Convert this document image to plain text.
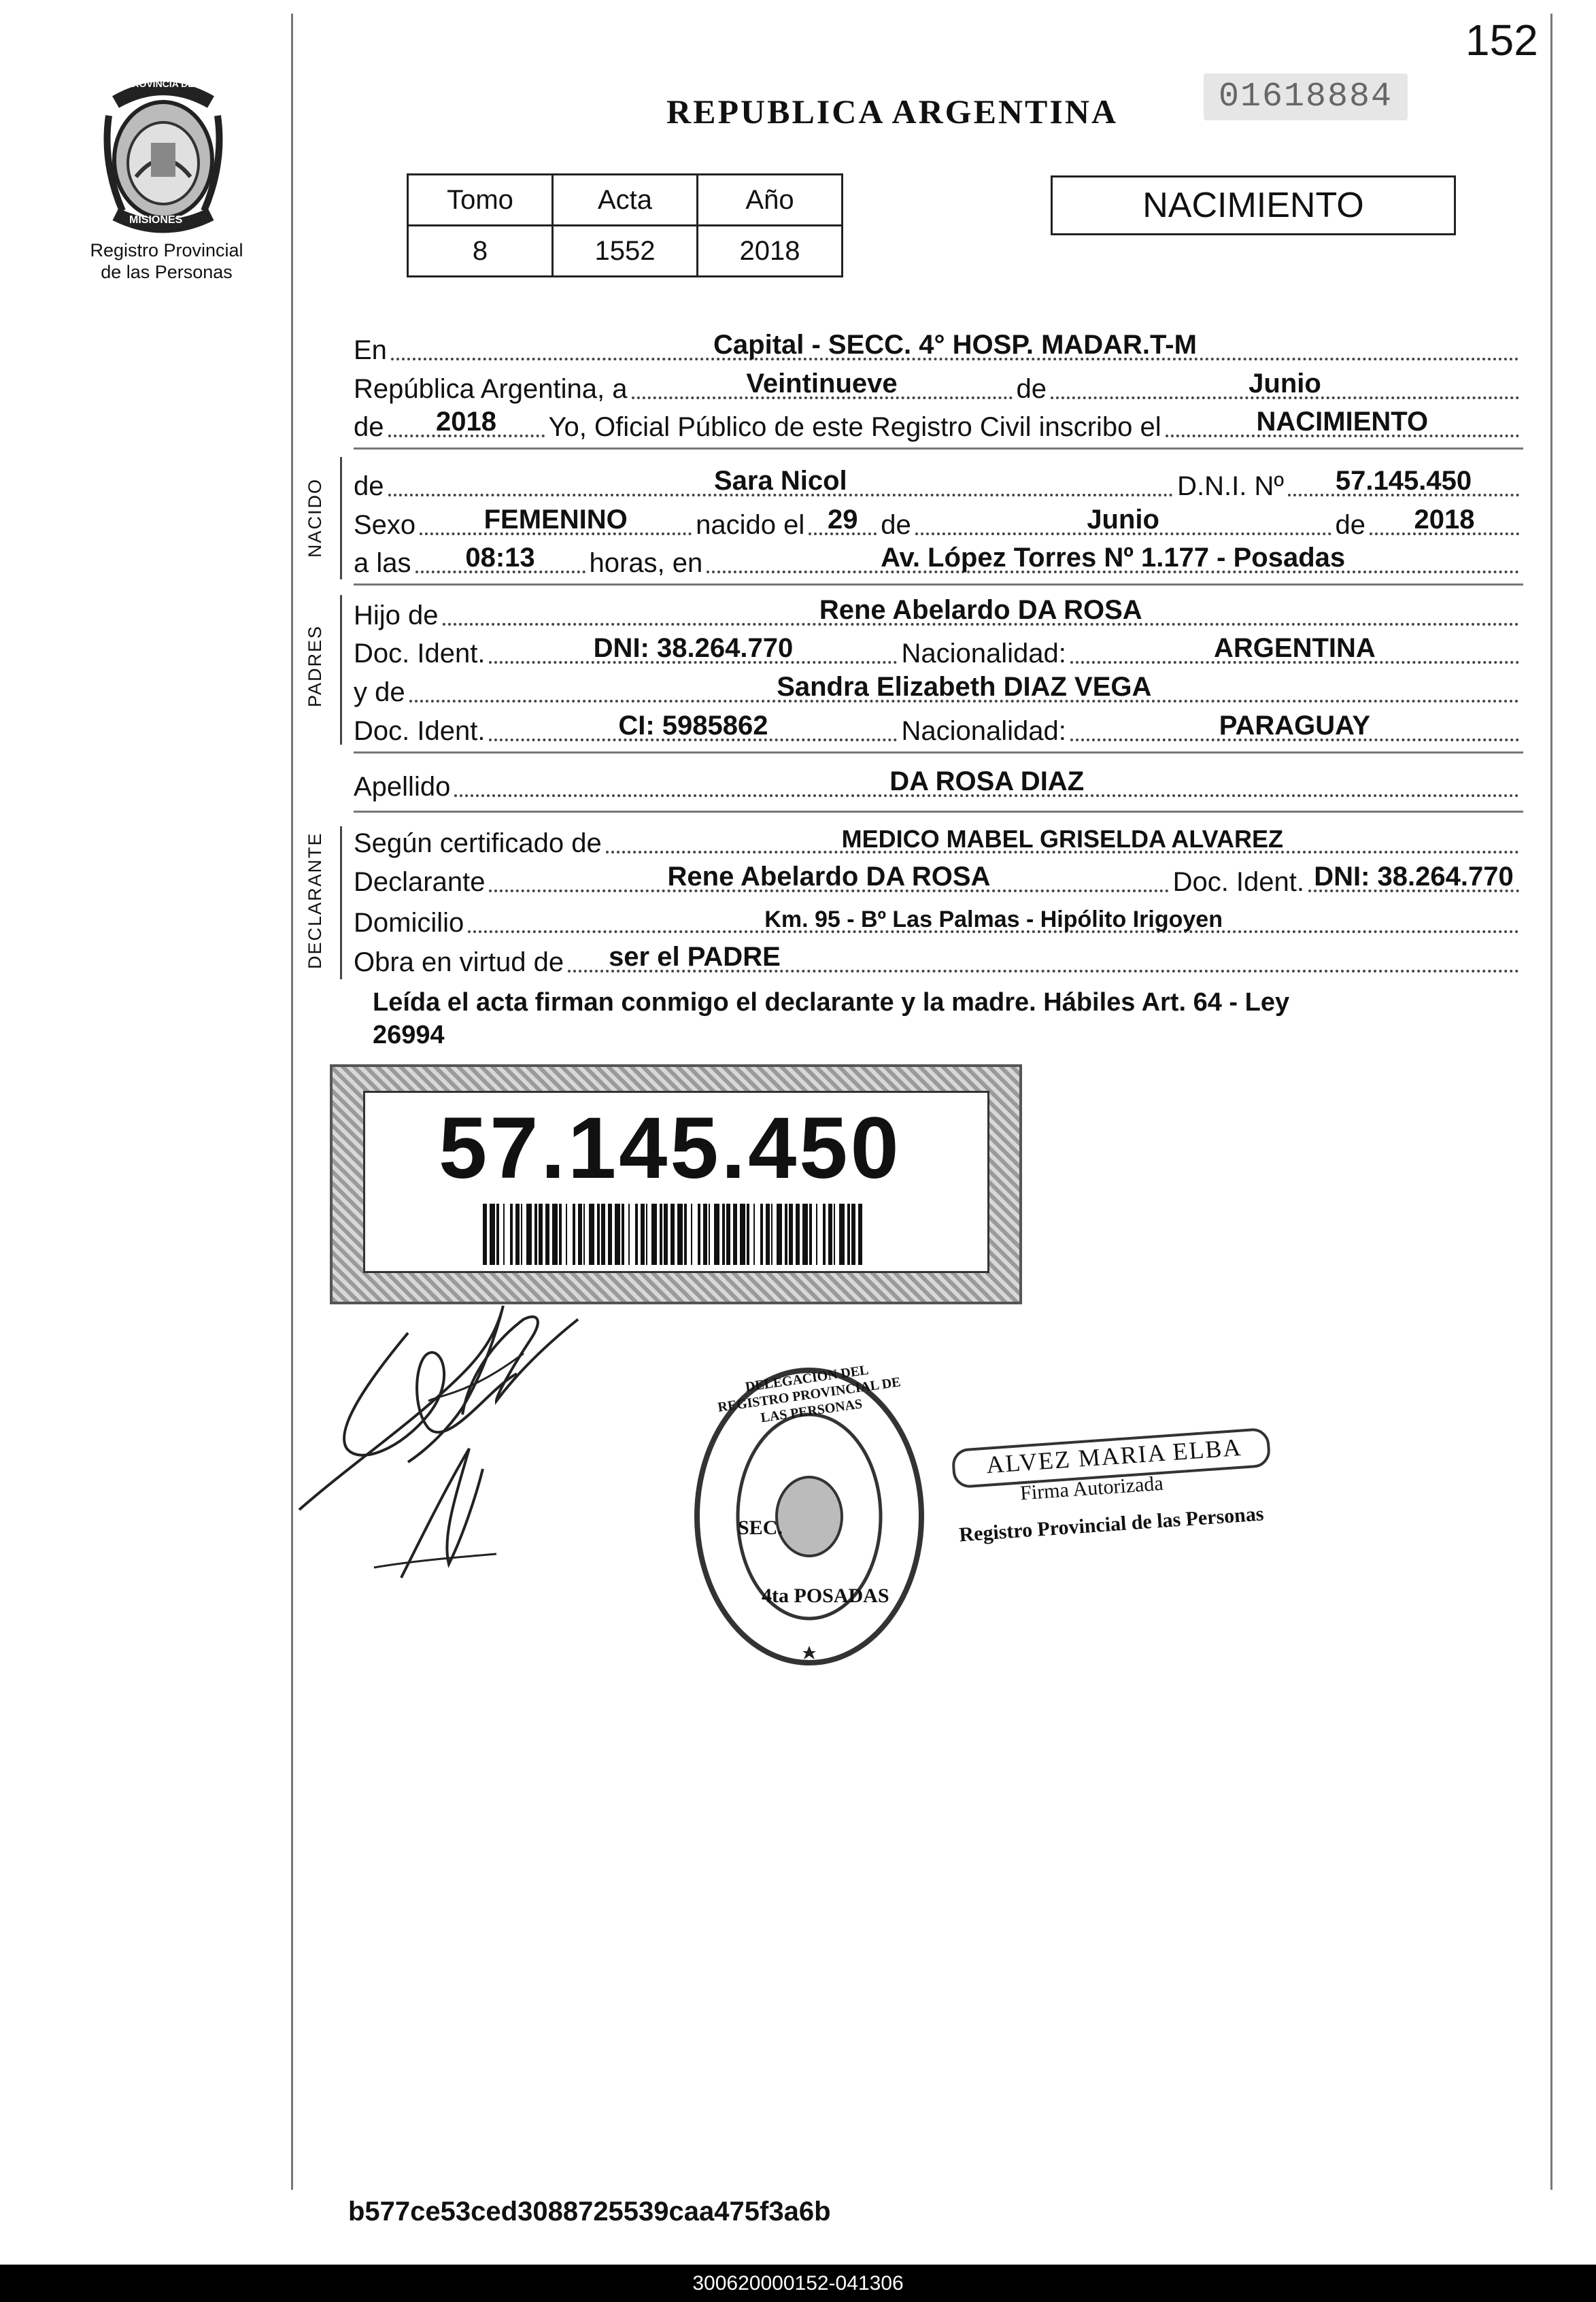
152
01618884
PROVINCIA DE
MISIONES
Registro Provincial
de las Personas
REPUBLICA ARGENTINA
Tomo	Acta	Año
8	1552	2018
NACIMIENTO
En	Capital - SECC. 4° HOSP. MADAR.T-M
República Argentina, a	Veintinueve	de	Junio
de	2018	Yo, Oficial Público de este Registro Civil inscribo el	NACIMIENTO
NACIDO de	Sara Nicol	D.N.I. Nº	57.145.450
Sexo	FEMENINO	nacido el 29 de	Junio	de	2018
a las	08:13	horas, en	Av. López Torres Nº 1.177 - Posadas
PADRES
Hijo de	Rene Abelardo DA ROSA
Doc. Ident.	DNI: 38.264.770	Nacionalidad:	ARGENTINA
y de	Sandra Elizabeth DIAZ VEGA
Doc. Ident.	CI: 5985862	Nacionalidad:	PARAGUAY
Apellido	DA ROSA DIAZ
DECLARANTE Según certificado de	MEDICO MABEL GRISELDA ALVAREZ
Declarante	Rene Abelardo DA ROSA	Doc. Ident. DNI: 38.264.770
Domicilio	Km. 95 - Bº Las Palmas - Hipólito Irigoyen
Obra en virtud de	ser el PADRE
Leída el acta firman conmigo el declarante y la madre. Hábiles Art. 64 - Ley
26994
57.145.450
DELEGACION DEL REGISTRO PROVINCIAL DE LAS PERSONAS
SEC.
4ta POSADAS
ALVEZ MARIA ELBA
Firma Autorizada
Registro Provincial de las Personas
b577ce53ced3088725539caa475f3a6b
300620000152-041306
